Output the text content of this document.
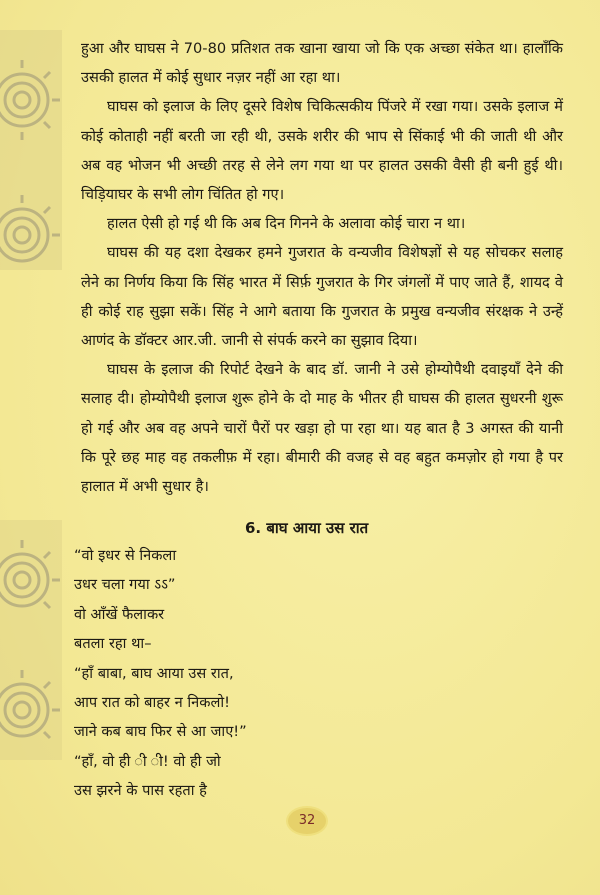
हुआ और घाघस ने 70-80 प्रतिशत तक खाना खाया जो कि एक अच्छा संकेत था। हालाँकि उसकी हालत में कोई सुधार नज़र नहीं आ रहा था।

घाघस को इलाज के लिए दूसरे विशेष चिकित्सकीय पिंजरे में रखा गया। उसके इलाज में कोई कोताही नहीं बरती जा रही थी, उसके शरीर की भाप से सिंकाई भी की जाती थी और अब वह भोजन भी अच्छी तरह से लेने लग गया था पर हालत उसकी वैसी ही बनी हुई थी। चिड़ियाघर के सभी लोग चिंतित हो गए।

हालत ऐसी हो गई थी कि अब दिन गिनने के अलावा कोई चारा न था।

घाघस की यह दशा देखकर हमने गुजरात के वन्यजीव विशेषज्ञों से यह सोचकर सलाह लेने का निर्णय किया कि सिंह भारत में सिर्फ़ गुजरात के गिर जंगलों में पाए जाते हैं, शायद वे ही कोई राह सुझा सकें। सिंह ने आगे बताया कि गुजरात के प्रमुख वन्यजीव संरक्षक ने उन्हें आणंद के डॉक्टर आर.जी. जानी से संपर्क करने का सुझाव दिया।

घाघस के इलाज की रिपोर्ट देखने के बाद डॉ. जानी ने उसे होम्योपैथी दवाइयाँ देने की सलाह दी। होम्योपैथी इलाज शुरू होने के दो माह के भीतर ही घाघस की हालत सुधरनी शुरू हो गई और अब वह अपने चारों पैरों पर खड़ा हो पा रहा था। यह बात है 3 अगस्त की यानी कि पूरे छह माह वह तकलीफ़ में रहा। बीमारी की वजह से वह बहुत कमज़ोर हो गया है पर हालात में अभी सुधार है।

6. बाघ आया उस रात
“वो इधर से निकला
उधर चला गया ऽऽ”
वो आँखें फैलाकर
बतला रहा था–
“हाँ बाबा, बाघ आया उस रात,
आप रात को बाहर न निकलो!
जाने कब बाघ फिर से आ जाए!”
“हाँ, वो ही ी ी! वो ही जो
उस झरने के पास रहता है
32
